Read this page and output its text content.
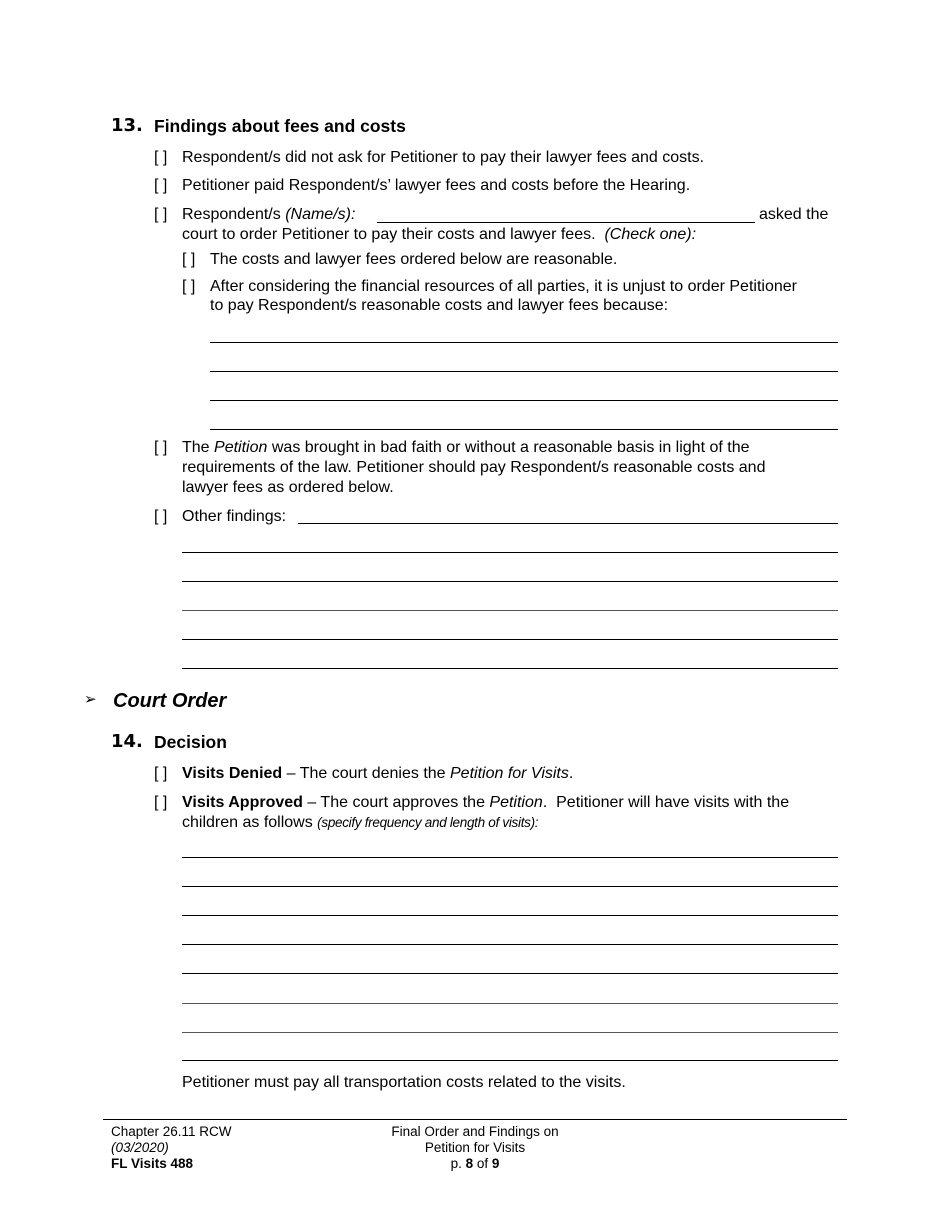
13. Findings about fees and costs
[ ] Respondent/s did not ask for Petitioner to pay their lawyer fees and costs.
[ ] Petitioner paid Respondent/s’ lawyer fees and costs before the Hearing.
[ ] Respondent/s (Name/s):	asked the
court to order Petitioner to pay their costs and lawyer fees. (Check one):
[ ] The costs and lawyer fees ordered below are reasonable.
[ ] After considering the financial resources of all parties, it is unjust to order Petitioner
to pay Respondent/s reasonable costs and lawyer fees because:
[ ] The Petition was brought in bad faith or without a reasonable basis in light of the
requirements of the law. Petitioner should pay Respondent/s reasonable costs and
lawyer fees as ordered below.
[ ] Other findings:
➢ Court Order
14. Decision
[ ] Visits Denied – The court denies the Petition for Visits.
[ ] Visits Approved – The court approves the Petition.  Petitioner will have visits with the
children as follows (specify frequency and length of visits):
Petitioner must pay all transportation costs related to the visits.
Chapter 26.11 RCW
(03/2020)
FL Visits 488
Final Order and Findings on
Petition for Visits
p. 8 of 9
